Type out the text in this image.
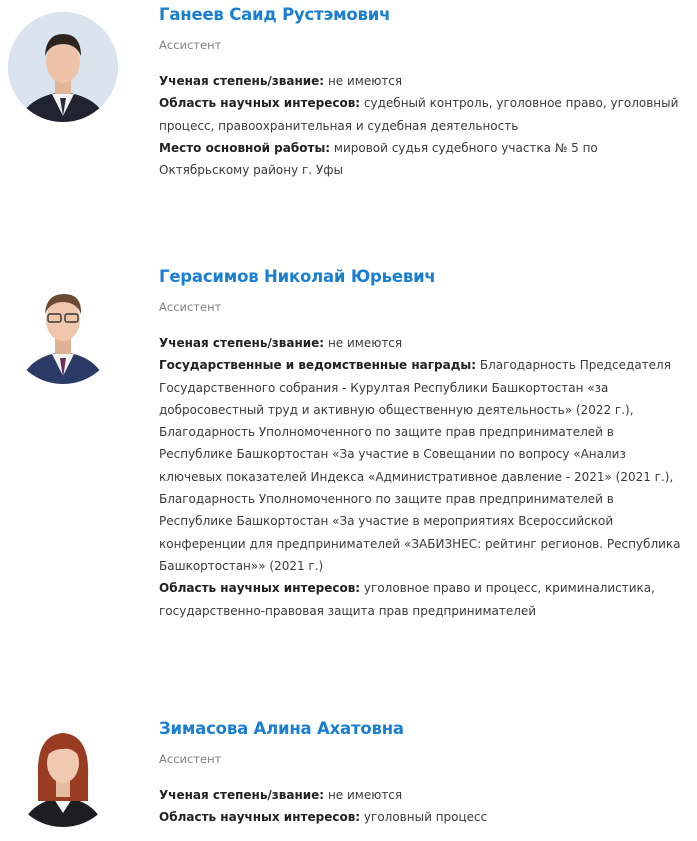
Ганеев Саид Рустэмович
Ассистент

Ученая степень/звание: не имеются

Область научных интересов: судебный контроль, уголовное право, уголовный процесс, правоохранительная и судебная деятельность

Место основной работы: мировой судья судебного участка № 5 по Октябрьскому району г. Уфы

Герасимов Николай Юрьевич
Ассистент

Ученая степень/звание: не имеются

Государственные и ведомственные награды: Благодарность Председателя Государственного собрания - Курултая Республики Башкортостан «за добросовестный труд и активную общественную деятельность» (2022 г.), Благодарность Уполномоченного по защите прав предпринимателей в Республике Башкортостан «За участие в Совещании по вопросу «Анализ ключевых показателей Индекса «Административное давление - 2021» (2021 г.), Благодарность Уполномоченного по защите прав предпринимателей в Республике Башкортостан «За участие в мероприятиях Всероссийской конференции для предпринимателей «ЗАБИЗНЕС: рейтинг регионов. Республика Башкортостан»» (2021 г.)

Область научных интересов: уголовное право и процесс, криминалистика, государственно-правовая защита прав предпринимателей

Зимасова Алина Ахатовна
Ассистент

Ученая степень/звание: не имеются

Область научных интересов: уголовный процесс
